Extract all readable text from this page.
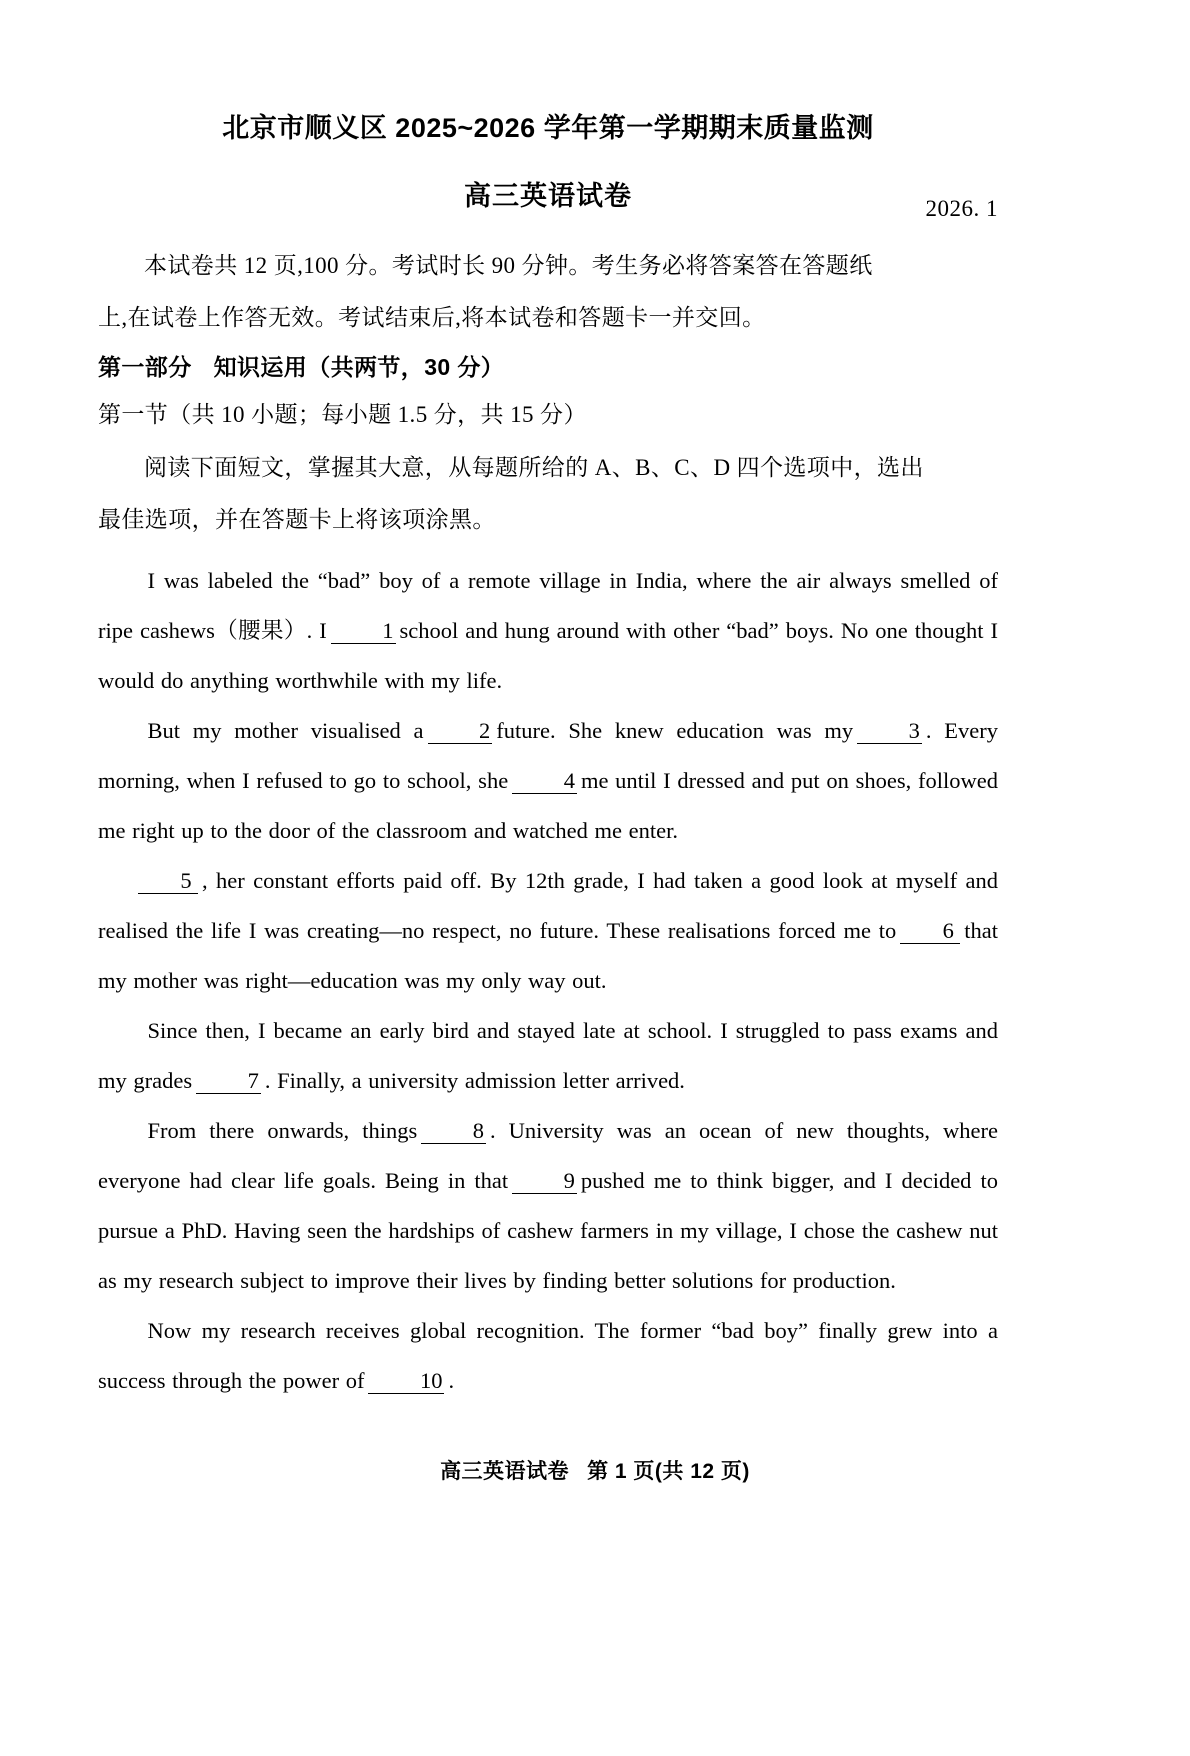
北京市顺义区 2025~2026 学年第一学期期末质量监测
高三英语试卷	2026. 1

本试卷共 12 页,100 分。考试时长 90 分钟。考生务必将答案答在答题纸

上,在试卷上作答无效。考试结束后,将本试卷和答题卡一并交回。

第一部分 知识运用（共两节，30 分）

第一节（共 10 小题；每小题 1.5 分，共 15 分）

阅读下面短文，掌握其大意，从每题所给的 A、B、C、D 四个选项中，选出

最佳选项，并在答题卡上将该项涂黑。

I was labeled the “bad” boy of a remote village in India, where the air always smelled of ripe cashews（腰果）. I 1 school and hung around with other “bad” boys. No one thought I would do anything worthwhile with my life.

But my mother visualised a 2 future. She knew education was my 3 . Every morning, when I refused to go to school, she 4 me until I dressed and put on shoes, followed me right up to the door of the classroom and watched me enter.

5 , her constant efforts paid off. By 12th grade, I had taken a good look at myself and realised the life I was creating—no respect, no future. These realisations forced me to 6 that my mother was right—education was my only way out.

Since then, I became an early bird and stayed late at school. I struggled to pass exams and my grades 7 . Finally, a university admission letter arrived.

From there onwards, things 8 . University was an ocean of new thoughts, where everyone had clear life goals. Being in that 9 pushed me to think bigger, and I decided to pursue a PhD. Having seen the hardships of cashew farmers in my village, I chose the cashew nut as my research subject to improve their lives by finding better solutions for production.

Now my research receives global recognition. The former “bad boy” finally grew into a success through the power of 10 .

高三英语试卷 第 1 页(共 12 页)
